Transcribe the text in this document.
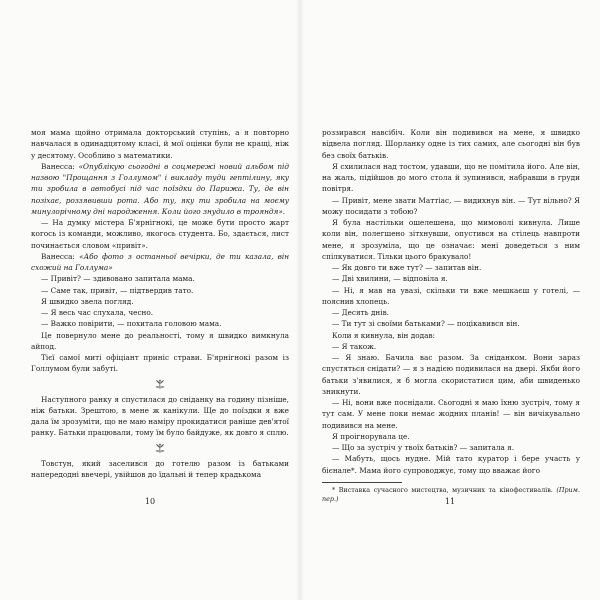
моя мама щойно отримала докторський ступінь, а я повторно навчалася в одинадцятому класі, й мої оцінки були не кращі, ніж у десятому. Особливо з математики.

Ванесса: «Опублікую сьогодні в соцмережі новий альбом під назвою "Прощання з Голлумом" і викладу туди гептілину, яку ти зробила в автобусі під час поїздки до Парижа. Ту, де він позіхає, роззявивши рота. Або ту, яку ти зробила на моєму минулорічному дні народження. Коли його знудило в трояндя».

— На думку містера Б'ярнігнокі, це може бути просто жарт когось із команди, можливо, якогось студента. Бо, здається, лист починається словом «привіт».

Ванесса: «Або фото з останньої вечірки, де ти казала, він схожий на Голлума»

— Привіт? — здивовано запитала мама.

— Саме так, привіт, — підтвердив тато.

Я швидко звела погляд.

— Я весь час слухала, чесно.

— Важко повірити, — похитала головою мама.

Це повернуло мене до реальності, тому я швидко вимкнула айпод.

Тієї самої миті офіціант приніс страви. Б'ярнігнокі разом із Голлумом були забуті.

Наступного ранку я спустилася до сніданку на годину пізніше, ніж батьки. Зрештою, в мене ж канікули. Ще до поїздки я вже дала їм зрозуміти, що не маю наміру прокидатися раніше дев'ятої ранку. Батьки працювали, тому їм було байдуже, як довго я сплю.

Товстун, який заселився до готелю разом із батьками напередодні ввечері, увійшов до їдальні й тепер крадькома

10

роззирався навсібіч. Коли він подивився на мене, я швидко відвела погляд. Шорланку одне із тих самих, але сьогодні він був без своїх батьків.

Я схилилася над тостом, удавши, що не помітила його. Але він, на жаль, підійшов до мого стола й зупинився, набравши в груди повітря.

— Привіт, мене звати Маттіас, — видихнув він. — Тут вільно? Я можу посидати з тобою?

Я була настільки ошелешена, що мимоволі кивнула. Лише коли він, полегшено зітхнувши, опустився на стілець навпроти мене, я зрозуміла, що це означає: мені доведеться з ним спілкуватися. Тільки цього бракувало!

— Як довго ти вже тут? — запитав він.

— Дві хвилини, — відповіла я.

— Ні, я мав на увазі, скільки ти вже мешкаєш у готелі, — пояснив хлопець.

— Десять днів.

— Ти тут зі своїми батьками? — поцікавився він.

Коли я кивнула, він додав:

— Я також.

— Я знаю. Бачила вас разом. За сніданком. Вони зараз спустяться снідати? — я з надією подивилася на двері. Якби його батьки з'явилися, я б могла скористатися цим, аби швиденько зникнути.

— Ні, вони вже поснідали. Сьогодні я маю їхню зустріч, тому я тут сам. У мене поки немає жодних планів! — він вичікувально подивився на мене.

Я проігнорувала це.

— Що за зустріч у твоїх батьків? — запитала я.

— Мабуть, щось нудне. Мій тато куратор і бере участь у бієнале*. Мама його супроводжує, тому що вважає його

* Виставка сучасного мистецтва, музичних та кінофестивалів. (Прим. пер.)	11
